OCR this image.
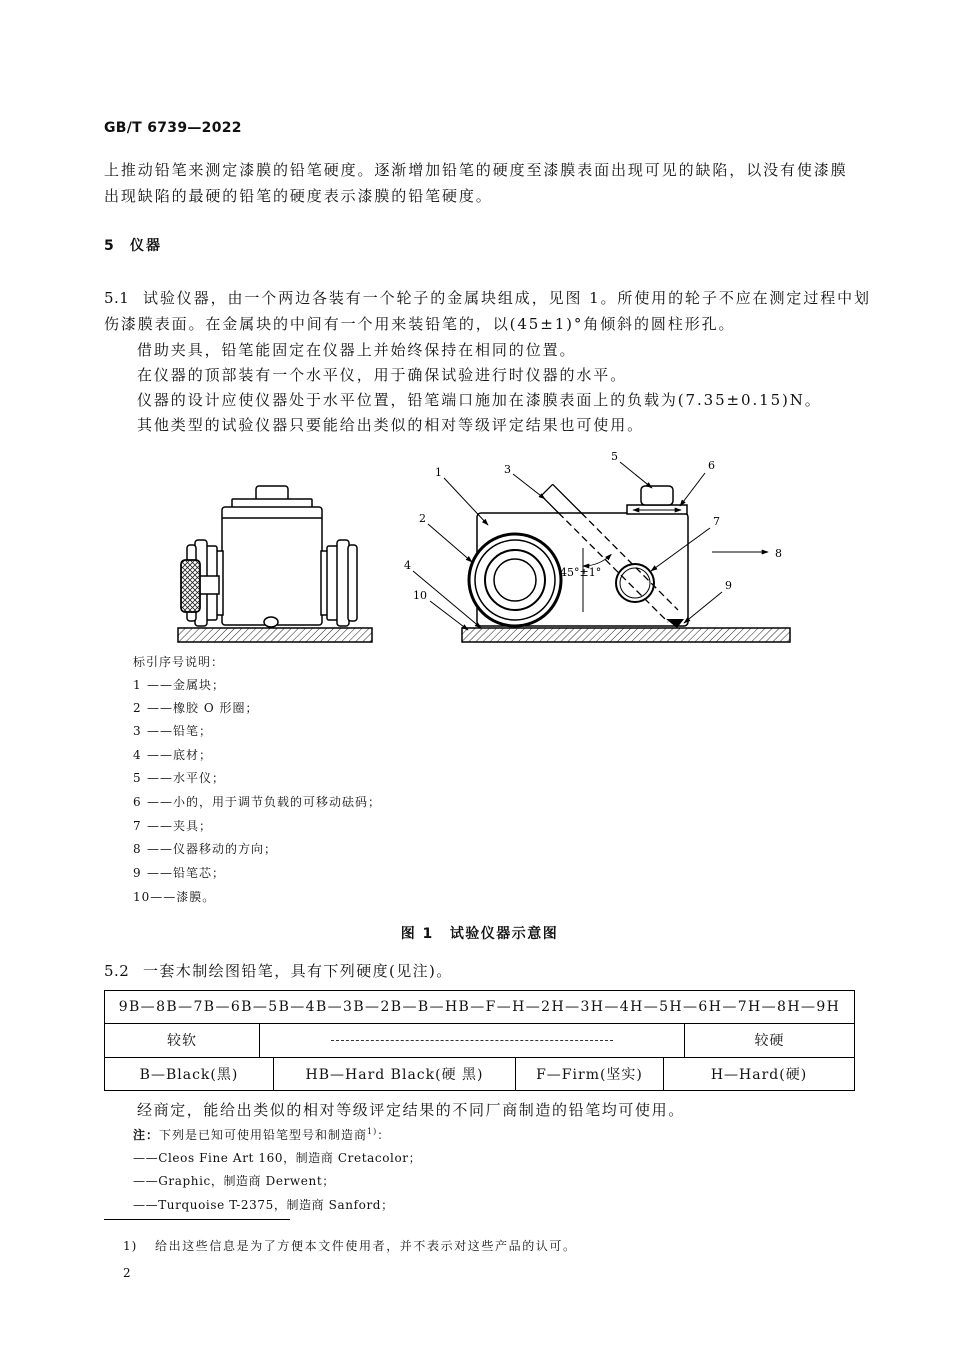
GB/T 6739—2022
上推动铅笔来测定漆膜的铅笔硬度。逐渐增加铅笔的硬度至漆膜表面出现可见的缺陷，以没有使漆膜
出现缺陷的最硬的铅笔的硬度表示漆膜的铅笔硬度。
5 仪器
5.1 试验仪器，由一个两边各装有一个轮子的金属块组成，见图 1。所使用的轮子不应在测定过程中划
伤漆膜表面。在金属块的中间有一个用来装铅笔的，以(45±1)°角倾斜的圆柱形孔。
借助夹具，铅笔能固定在仪器上并始终保持在相同的位置。
在仪器的顶部装有一个水平仪，用于确保试验进行时仪器的水平。
仪器的设计应使仪器处于水平位置，铅笔端口施加在漆膜表面上的负载为(7.35±0.15)N。
其他类型的试验仪器只要能给出类似的相对等级评定结果也可使用。
1
2
3
4
5
6
7
8
9
10
45°±1°
标引序号说明：
1 ——金属块；
2 ——橡胶 O 形圈；
3 ——铅笔；
4 ——底材；
5 ——水平仪；
6 ——小的，用于调节负载的可移动砝码；
7 ——夹具；
8 ——仪器移动的方向；
9 ——铅笔芯；
10——漆膜。
图 1 试验仪器示意图
5.2 一套木制绘图铅笔，具有下列硬度(见注)。
9B—8B—7B—6B—5B—4B—3B—2B—B—HB—F—H—2H—3H—4H—5H—6H—7H—8H—9H
较软	较硬
B—Black(黑)	HB—Hard Black(硬 黑)	F—Firm(坚实)	H—Hard(硬)
经商定，能给出类似的相对等级评定结果的不同厂商制造的铅笔均可使用。
注：下列是已知可使用铅笔型号和制造商$^{1)}$：
——Cleos Fine Art 160，制造商 Cretacolor；
——Graphic，制造商 Derwent；
——Turquoise T-2375，制造商 Sanford；
1) 给出这些信息是为了方便本文件使用者，并不表示对这些产品的认可。
2
